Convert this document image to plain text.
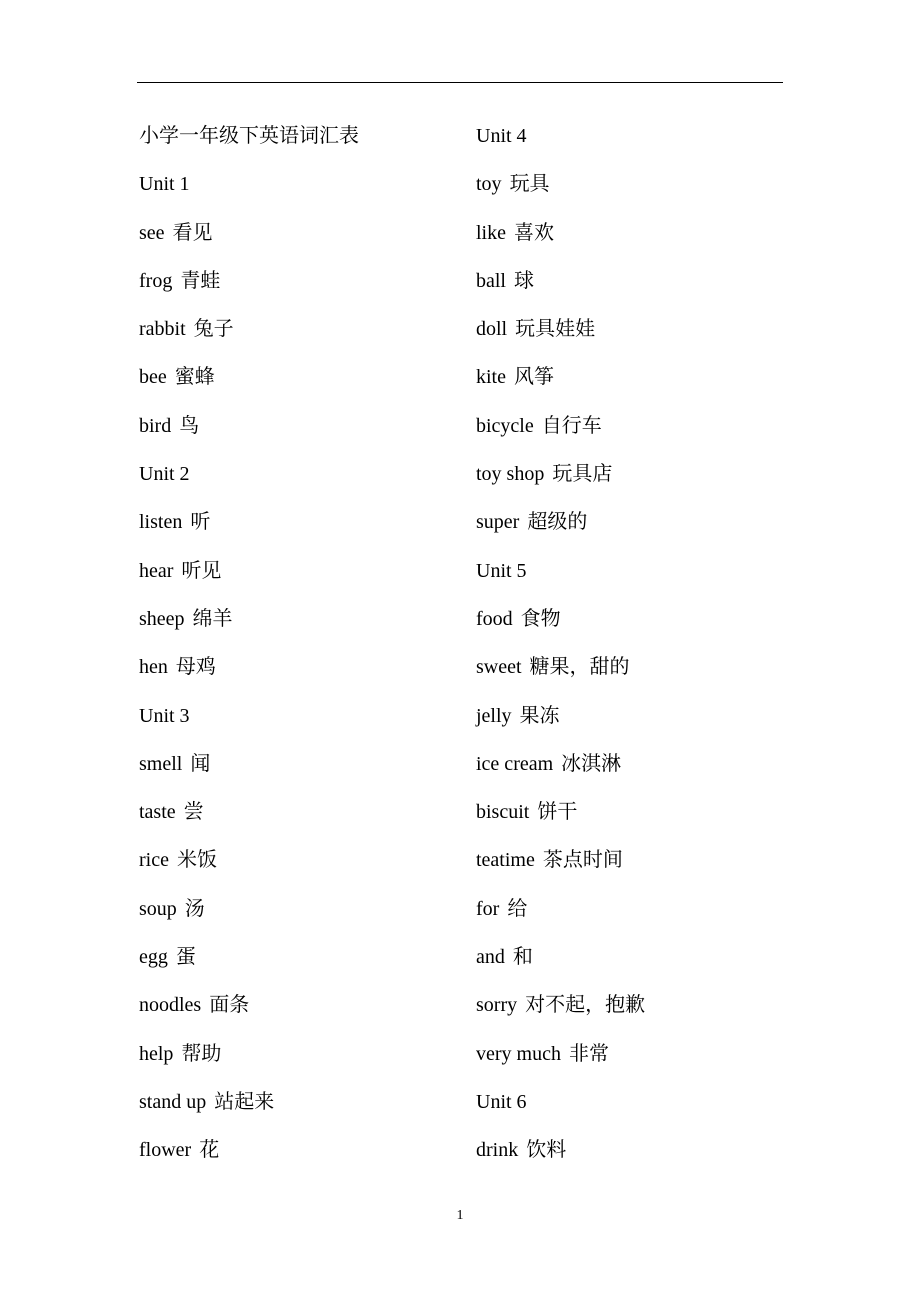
小学一年级下英语词汇表
Unit 1
see 看见
frog 青蛙
rabbit 兔子
bee 蜜蜂
bird 鸟
Unit 2
listen 听
hear 听见
sheep 绵羊
hen 母鸡
Unit 3
smell 闻
taste 尝
rice 米饭
soup 汤
egg 蛋
noodles 面条
help 帮助
stand up 站起来
flower 花
Unit 4
toy 玩具
like 喜欢
ball 球
doll 玩具娃娃
kite 风筝
bicycle 自行车
toy shop 玩具店
super 超级的
Unit 5
food 食物
sweet 糖果，甜的
jelly 果冻
ice cream 冰淇淋
biscuit 饼干
teatime 茶点时间
for 给
and 和
sorry 对不起，抱歉
very much 非常
Unit 6
drink 饮料
1
